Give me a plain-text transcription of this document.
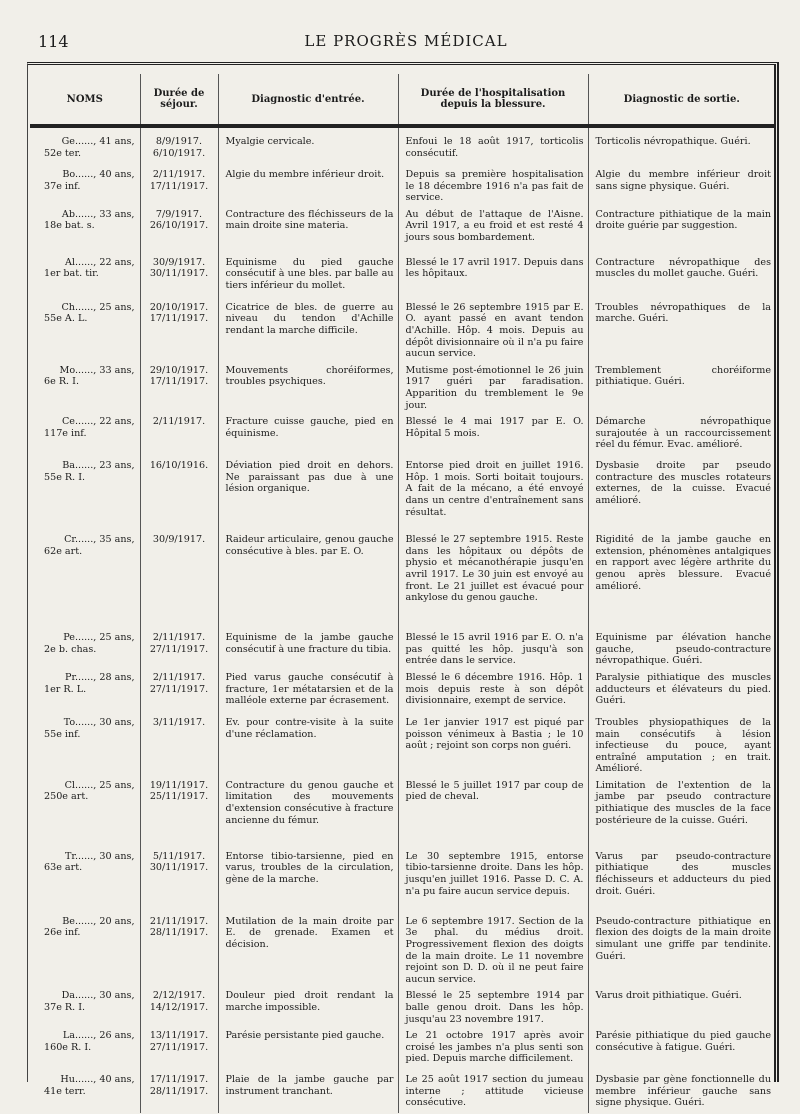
114	LE PROGRÈS MÉDICAL
NOMS	Durée de séjour.	Diagnostic d'entrée.	Durée de l'hospitalisation depuis la blessure.	Diagnostic de sortie.

Ge......, 41 ans,
52e ter.	8/9/1917.
6/10/1917.	Myalgie cervicale.	Enfoui le 18 août 1917, torticolis consécutif.	Torticolis névropathique. Guéri.

Bo......, 40 ans,
37e inf.	2/11/1917.
17/11/1917.	Algie du membre inférieur droit.	Depuis sa première hospitalisation le 18 décembre 1916 n'a pas fait de service.	Algie du membre inférieur droit sans signe physique. Guéri.

Ab......, 33 ans,
18e bat. s.	7/9/1917.
26/10/1917.	Contracture des fléchisseurs de la main droite sine materia.	Au début de l'attaque de l'Aisne. Avril 1917, a eu froid et est resté 4 jours sous bombardement.	Contracture pithiatique de la main droite guérie par suggestion.

Al......, 22 ans,
1er bat. tir.	30/9/1917.
30/11/1917.	Equinisme du pied gauche consécutif à une bles. par balle au tiers inférieur du mollet.	Blessé le 17 avril 1917. Depuis dans les hôpitaux.	Contracture névropathique des muscles du mollet gauche. Guéri.

Ch......, 25 ans,
55e A. L.	20/10/1917.
17/11/1917.	Cicatrice de bles. de guerre au niveau du tendon d'Achille rendant la marche difficile.	Blessé le 26 septembre 1915 par E. O. ayant passé en avant tendon d'Achille. Hôp. 4 mois. Depuis au dépôt divisionnaire où il n'a pu faire aucun service.	Troubles névropathiques de la marche. Guéri.

Mo......, 33 ans,
6e R. I.	29/10/1917.
17/11/1917.	Mouvements choréiformes, troubles psychiques.	Mutisme post-émotionnel le 26 juin 1917 guéri par faradisation. Apparition du tremblement le 9e jour.	Tremblement choréiforme pithiatique. Guéri.

Ce......, 22 ans,
117e inf.	2/11/1917.	Fracture cuisse gauche, pied en équinisme.	Blessé le 4 mai 1917 par E. O. Hôpital 5 mois.	Démarche névropathique surajoutée à un raccourcissement réel du fémur. Evac. amélioré.

Ba......, 23 ans,
55e R. I.	16/10/1916.	Déviation pied droit en dehors. Ne paraissant pas due à une lésion organique.	Entorse pied droit en juillet 1916. Hôp. 1 mois. Sorti boitait toujours. A fait de la mécano, a été envoyé dans un centre d'entraînement sans résultat.	Dysbasie droite par pseudo contracture des muscles rotateurs externes, de la cuisse. Evacué amélioré.

Cr......, 35 ans,
62e art.	30/9/1917.	Raideur articulaire, genou gauche consécutive à bles. par E. O.	Blessé le 27 septembre 1915. Reste dans les hôpitaux ou dépôts de physio et mécanothérapie jusqu'en avril 1917. Le 30 juin est envoyé au front. Le 21 juillet est évacué pour ankylose du genou gauche.	Rigidité de la jambe gauche en extension, phénomènes antalgiques en rapport avec légère arthrite du genou après blessure. Evacué amélioré.

Pe......, 25 ans,
2e b. chas.	2/11/1917.
27/11/1917.	Equinisme de la jambe gauche consécutif à une fracture du tibia.	Blessé le 15 avril 1916 par E. O. n'a pas quitté les hôp. jusqu'à son entrée dans le service.	Equinisme par élévation hanche gauche, pseudo-contracture névropathique. Guéri.

Pr......, 28 ans,
1er R. L.	2/11/1917.
27/11/1917.	Pied varus gauche consécutif à fracture, 1er métatarsien et de la malléole externe par écrasement.	Blessé le 6 décembre 1916. Hôp. 1 mois depuis reste à son dépôt divisionnaire, exempt de service.	Paralysie pithiatique des muscles adducteurs et élévateurs du pied. Guéri.

To......, 30 ans,
55e inf.	3/11/1917.	Ev. pour contre-visite à la suite d'une réclamation.	Le 1er janvier 1917 est piqué par poisson vénimeux à Bastia ; le 10 août ; rejoint son corps non guéri.	Troubles physiopathiques de la main consécutifs à lésion infectieuse du pouce, ayant entraîné amputation ; en trait. Amélioré.

Cl......, 25 ans,
250e art.	19/11/1917.
25/11/1917.	Contracture du genou gauche et limitation des mouvements d'extension consécutive à fracture ancienne du fémur.	Blessé le 5 juillet 1917 par coup de pied de cheval.	Limitation de l'extention de la jambe par pseudo contracture pithiatique des muscles de la face postérieure de la cuisse. Guéri.

Tr......, 30 ans,
63e art.	5/11/1917.
30/11/1917.	Entorse tibio-tarsienne, pied en varus, troubles de la circulation, gène de la marche.	Le 30 septembre 1915, entorse tibio-tarsienne droite. Dans les hôp. jusqu'en juillet 1916. Passe D. C. A. n'a pu faire aucun service depuis.	Varus par pseudo-contracture pithiatique des muscles fléchisseurs et adducteurs du pied droit. Guéri.

Be......, 20 ans,
26e inf.	21/11/1917.
28/11/1917.	Mutilation de la main droite par E. de grenade. Examen et décision.	Le 6 septembre 1917. Section de la 3e phal. du médius droit. Progressivement flexion des doigts de la main droite. Le 11 novembre rejoint son D. D. où il ne peut faire aucun service.	Pseudo-contracture pithiatique en flexion des doigts de la main droite simulant une griffe par tendinite. Guéri.

Da......, 30 ans,
37e R. I.	2/12/1917.
14/12/1917.	Douleur pied droit rendant la marche impossible.	Blessé le 25 septembre 1914 par balle genou droit. Dans les hôp. jusqu'au 23 novembre 1917.	Varus droit pithiatique. Guéri.

La......, 26 ans,
160e R. I.	13/11/1917.
27/11/1917.	Parésie persistante pied gauche.	Le 21 octobre 1917 après avoir croisé les jambes n'a plus senti son pied. Depuis marche difficilement.	Parésie pithiatique du pied gauche consécutive à fatigue. Guéri.

Hu......, 40 ans,
41e terr.	17/11/1917.
28/11/1917.	Plaie de la jambe gauche par instrument tranchant.	Le 25 août 1917 section du jumeau interne ; attitude vicieuse consécutive.	Dysbasie par gène fonctionnelle du membre inférieur gauche sans signe physique. Guéri.
